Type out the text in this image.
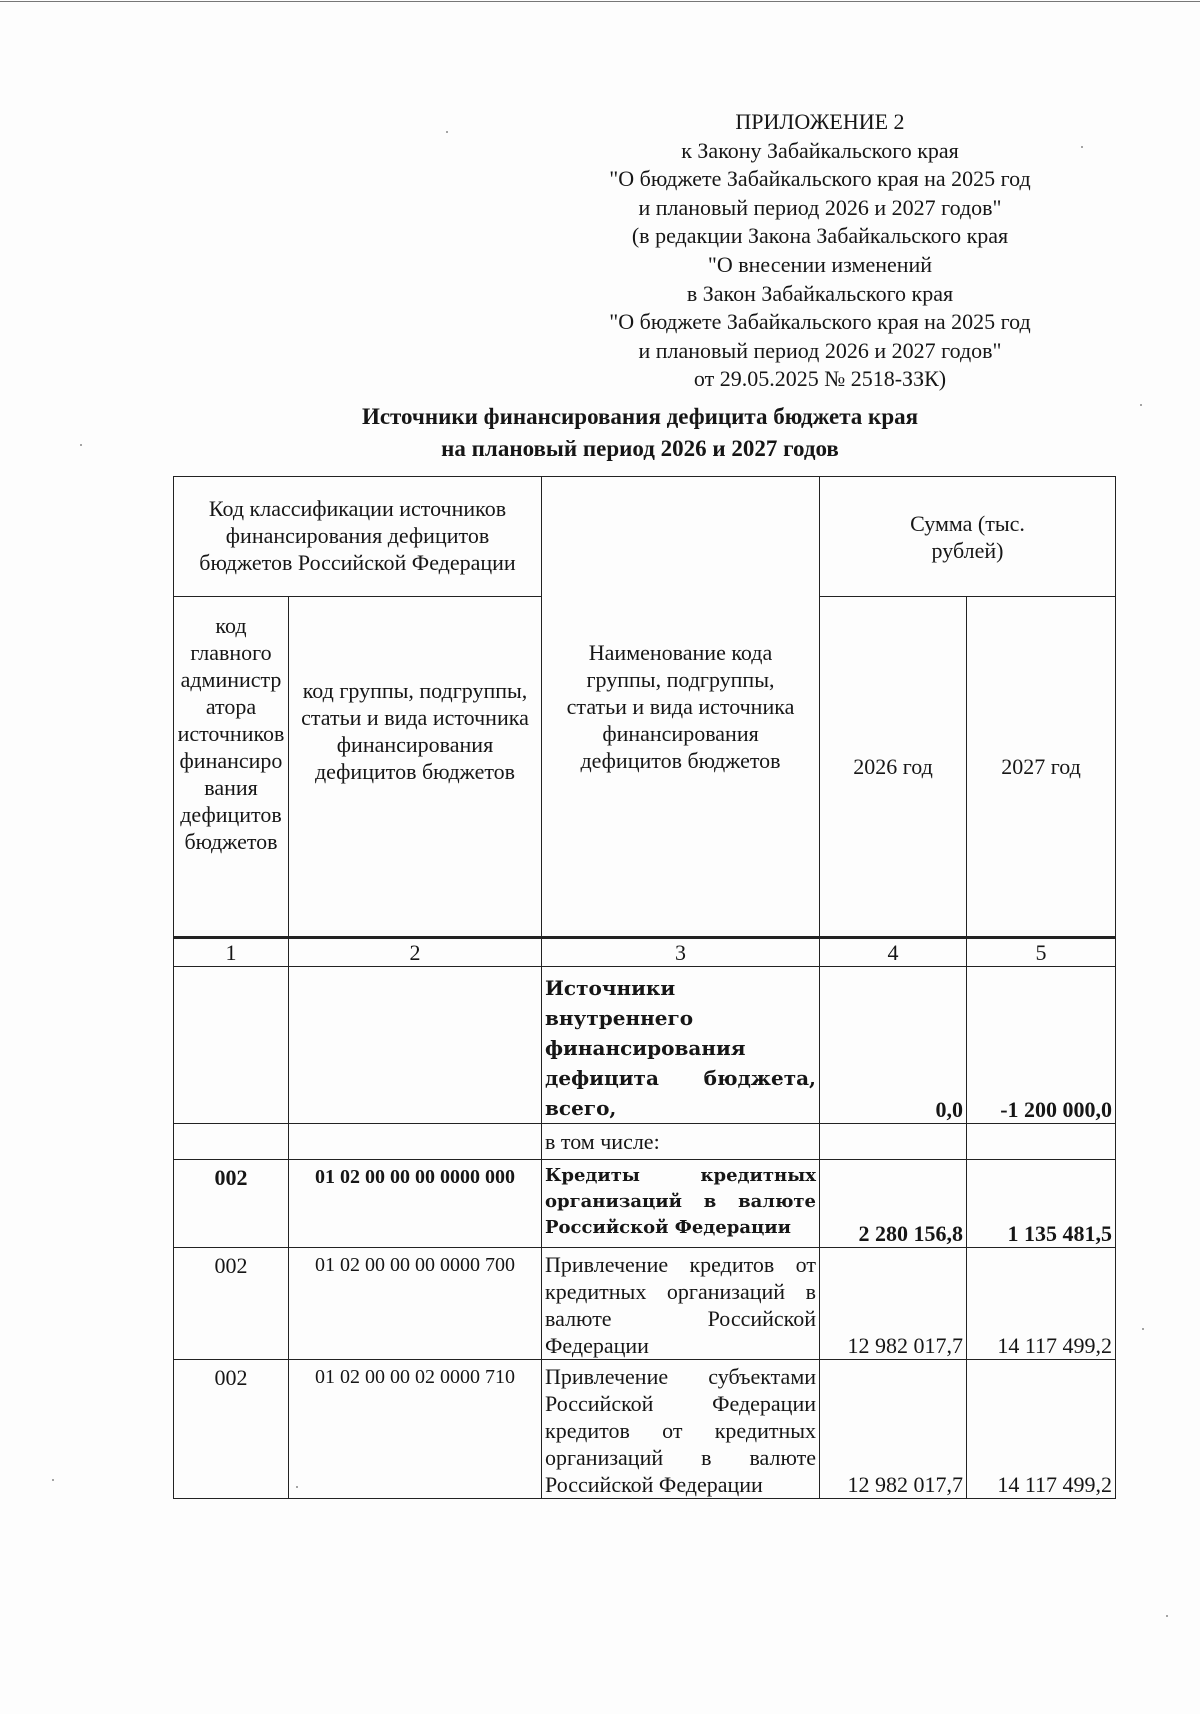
ПРИЛОЖЕНИЕ 2
к Закону Забайкальского края
"О бюджете Забайкальского края на 2025 год
и плановый период 2026 и 2027 годов"
(в редакции Закона Забайкальского края
"О внесении изменений
в Закон Забайкальского края
"О бюджете Забайкальского края на 2025 год
и плановый период 2026 и 2027 годов"
от 29.05.2025 № 2518-ЗЗК)
Источники финансирования дефицита бюджета края
на плановый период 2026 и 2027 годов
Код классификации источников финансирования дефицитов бюджетов Российской Федерации		Наименование кода группы, подгруппы, статьи и вида источника финансирования дефицитов бюджетов	Сумма (тыс. рублей)	
код главного администратора источников финансирования дефицитов бюджетов	код группы, подгруппы, статьи и вида источника финансирования дефицитов бюджетов		2026 год	2027 год
1	2	3	4	5

		Источники внутреннего финансирования дефицита бюджета, всего,	0,0	-1 200 000,0
		в том числе:		
002	01 02 00 00 00 0000 000	Кредиты кредитных организаций в валюте Российской Федерации	2 280 156,8	1 135 481,5
002	01 02 00 00 00 0000 700	Привлечение кредитов от кредитных организаций в валюте Российской Федерации	12 982 017,7	14 117 499,2
002	01 02 00 00 02 0000 710	Привлечение субъектами Российской Федерации кредитов от кредитных организаций в валюте Российской Федерации	12 982 017,7	14 117 499,2
